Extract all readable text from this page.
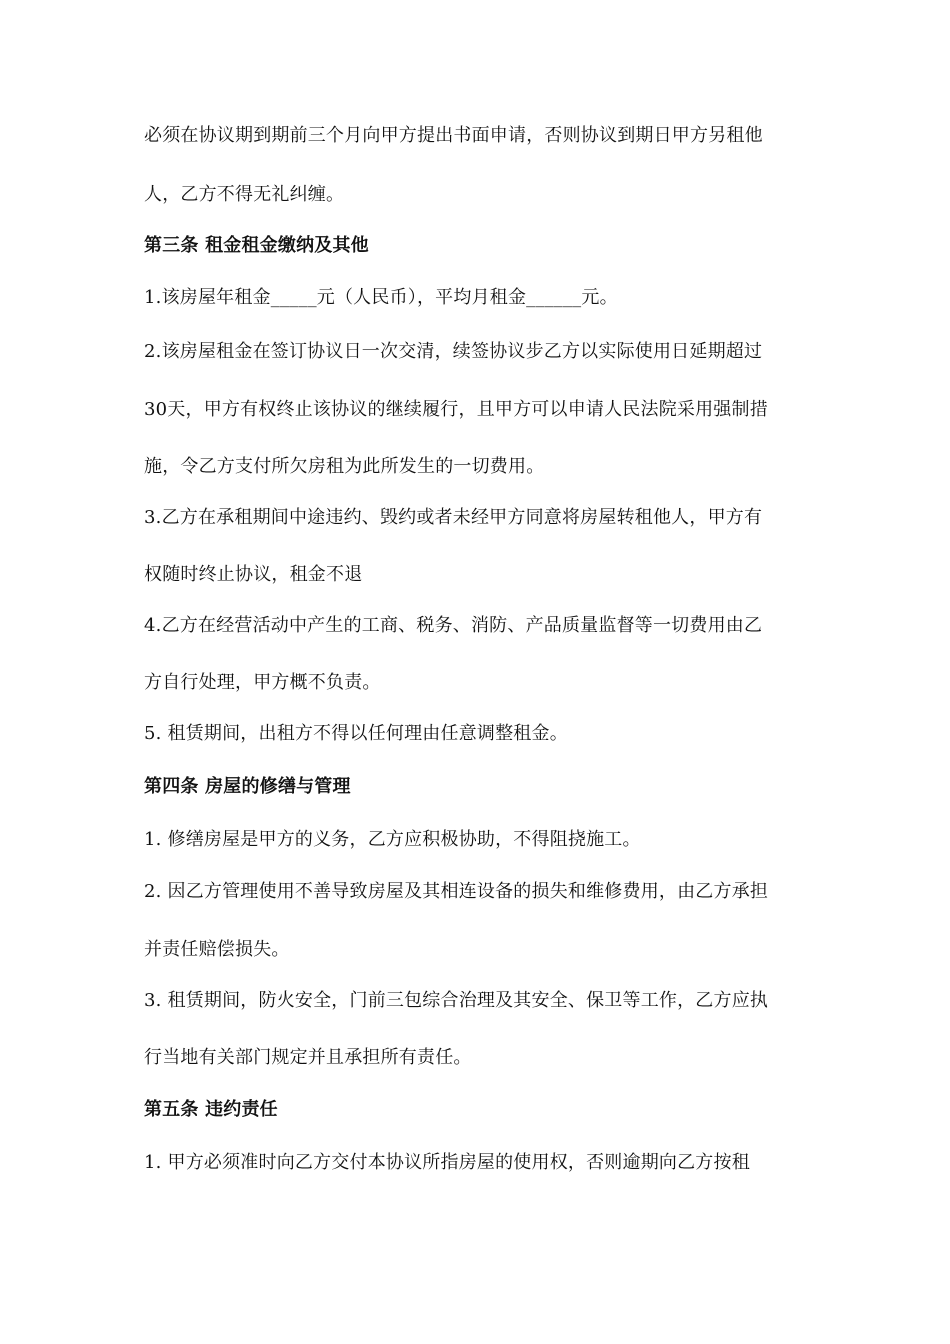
必须在协议期到期前三个月向甲方提出书面申请，否则协议到期日甲方另租他
人，乙方不得无礼纠缠。
第三条 租金租金缴纳及其他
1.该房屋年租金_____元（人民币），平均月租金______元。
2.该房屋租金在签订协议日一次交清，续签协议步乙方以实际使用日延期超过
30天，甲方有权终止该协议的继续履行，且甲方可以申请人民法院采用强制措
施，令乙方支付所欠房租为此所发生的一切费用。
3.乙方在承租期间中途违约、毁约或者未经甲方同意将房屋转租他人，甲方有
权随时终止协议，租金不退
4.乙方在经营活动中产生的工商、税务、消防、产品质量监督等一切费用由乙
方自行处理，甲方概不负责。
5. 租赁期间，出租方不得以任何理由任意调整租金。
第四条 房屋的修缮与管理
1. 修缮房屋是甲方的义务，乙方应积极协助，不得阻挠施工。
2. 因乙方管理使用不善导致房屋及其相连设备的损失和维修费用，由乙方承担
并责任赔偿损失。
3. 租赁期间，防火安全，门前三包综合治理及其安全、保卫等工作，乙方应执
行当地有关部门规定并且承担所有责任。
第五条 违约责任
1. 甲方必须准时向乙方交付本协议所指房屋的使用权，否则逾期向乙方按租
